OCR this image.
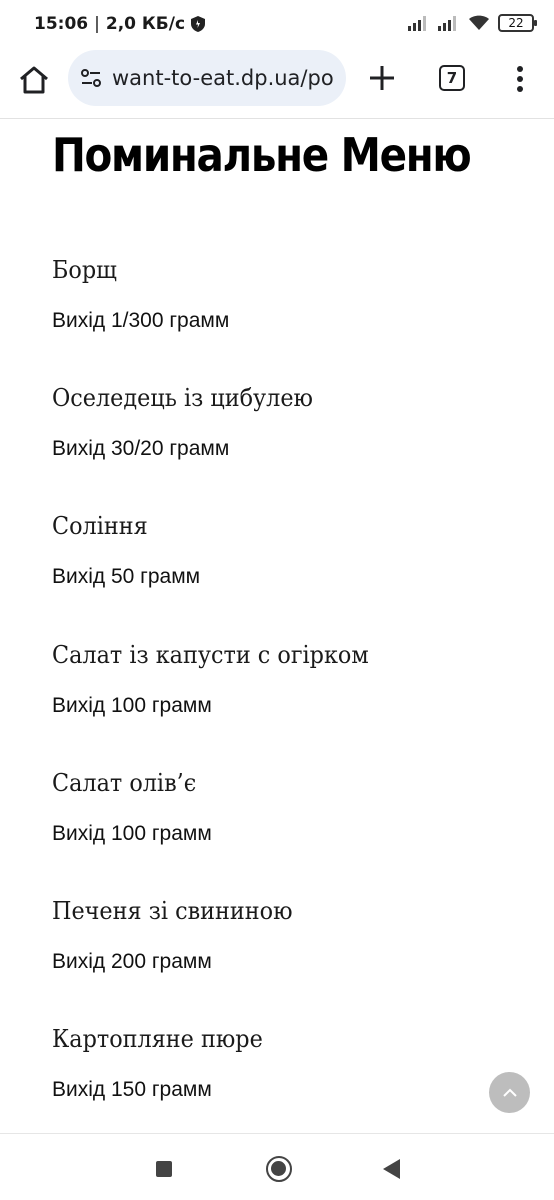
15:06 | 2,0 КБ/с	22
want-to-eat.dp.ua/po	7
Поминальне Меню
Борщ
Вихід 1/300 грамм
Оселедець із цибулею
Вихід 30/20 грамм
Соління
Вихід 50 грамм
Салат із капусти с огірком
Вихід 100 грамм
Салат олів’є
Вихід 100 грамм
Печеня зі свининою
Вихід 200 грамм
Картопляне пюре
Вихід 150 грамм
